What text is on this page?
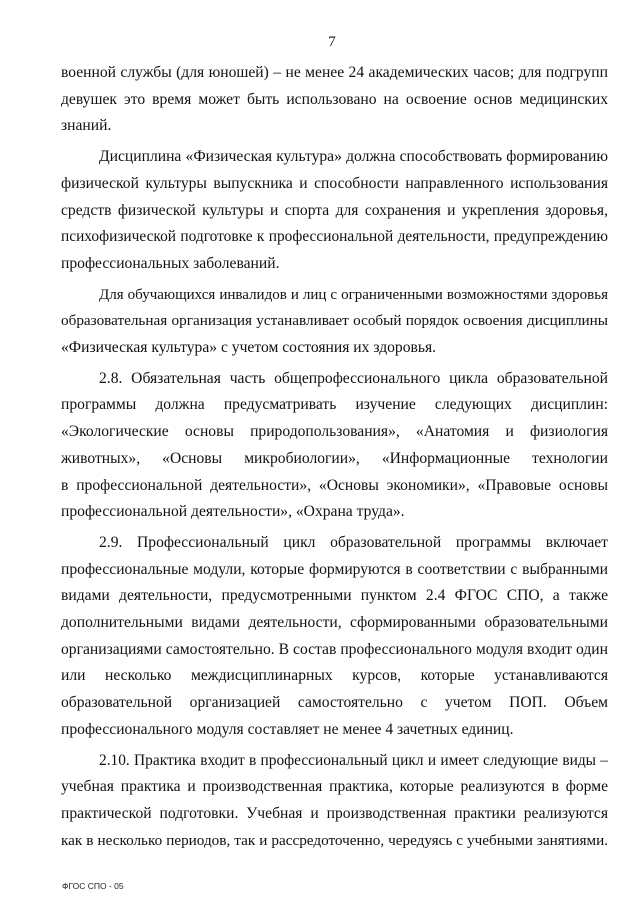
7

военной службы (для юношей) – не менее 24 академических часов; для подгрупп
девушек это время может быть использовано на освоение основ медицинских
знаний.

Дисциплина «Физическая культура» должна способствовать формированию
физической культуры выпускника и способности направленного использования
средств физической культуры и спорта для сохранения и укрепления здоровья,
психофизической подготовке к профессиональной деятельности, предупреждению
профессиональных заболеваний.

Для обучающихся инвалидов и лиц с ограниченными возможностями здоровья
образовательная организация устанавливает особый порядок освоения дисциплины
«Физическая культура» с учетом состояния их здоровья.

2.8. Обязательная часть общепрофессионального цикла образовательной
программы должна предусматривать изучение следующих дисциплин:
«Экологические основы природопользования», «Анатомия и физиология
животных», «Основы микробиологии», «Информационные технологии
в профессиональной деятельности», «Основы экономики», «Правовые основы
профессиональной деятельности», «Охрана труда».

2.9. Профессиональный цикл образовательной программы включает
профессиональные модули, которые формируются в соответствии с выбранными
видами деятельности, предусмотренными пунктом 2.4 ФГОС СПО, а также
дополнительными видами деятельности, сформированными образовательными
организациями самостоятельно. В состав профессионального модуля входит один
или несколько междисциплинарных курсов, которые устанавливаются
образовательной организацией самостоятельно с учетом ПОП. Объем
профессионального модуля составляет не менее 4 зачетных единиц.

2.10. Практика входит в профессиональный цикл и имеет следующие виды –
учебная практика и производственная практика, которые реализуются в форме
практической подготовки. Учебная и производственная практики реализуются
как в несколько периодов, так и рассредоточенно, чередуясь с учебными занятиями.

ФГОС СПО - 05
